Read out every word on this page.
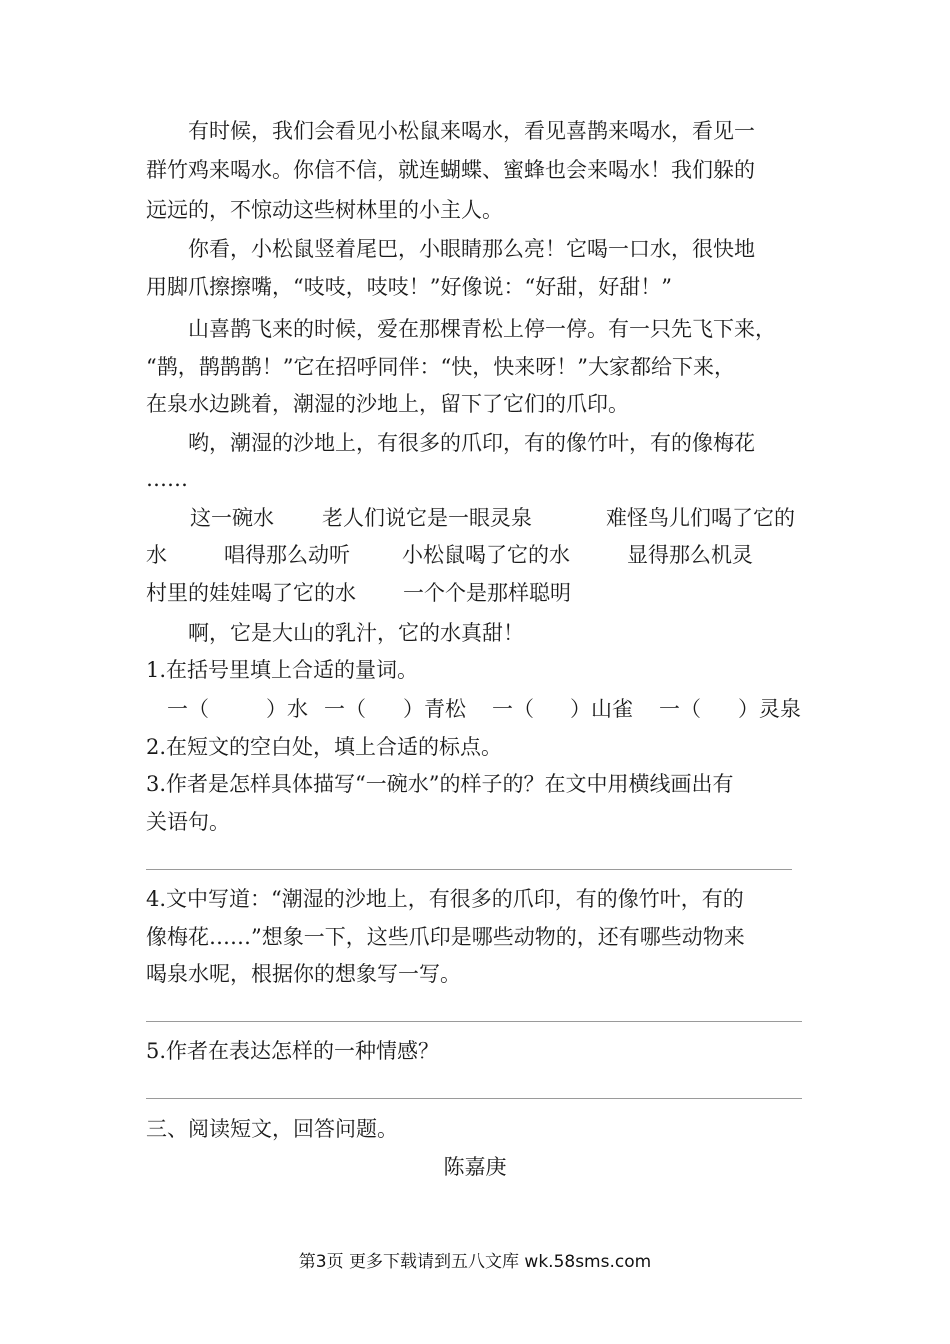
有时候，我们会看见小松鼠来喝水，看见喜鹊来喝水，看见一
群竹鸡来喝水。你信不信，就连蝴蝶、蜜蜂也会来喝水！我们躲的
远远的，不惊动这些树林里的小主人。
你看，小松鼠竖着尾巴，小眼睛那么亮！它喝一口水，很快地
用脚爪擦擦嘴，“吱吱，吱吱！”好像说：“好甜，好甜！”
山喜鹊飞来的时候，爱在那棵青松上停一停。有一只先飞下来，
“鹊，鹊鹊鹊！”它在招呼同伴：“快，快来呀！”大家都给下来，
在泉水边跳着，潮湿的沙地上，留下了它们的爪印。
哟，潮湿的沙地上，有很多的爪印，有的像竹叶，有的像梅花
……
这一碗水 老人们说它是一眼灵泉	难怪鸟儿们喝了它的
水	唱得那么动听 小松鼠喝了它的水	显得那么机灵
村里的娃娃喝了它的水 一个个是那样聪明
啊，它是大山的乳汁，它的水真甜！
1.在括号里填上合适的量词。
一（	）水 一（ ）青松 一（ ）山雀 一（ ）灵泉
2.在短文的空白处，填上合适的标点。
3.作者是怎样具体描写“一碗水”的样子的？在文中用横线画出有
关语句。
4.文中写道：“潮湿的沙地上，有很多的爪印，有的像竹叶，有的
像梅花……”想象一下，这些爪印是哪些动物的，还有哪些动物来
喝泉水呢，根据你的想象写一写。
5.作者在表达怎样的一种情感？
三、阅读短文，回答问题。
陈嘉庚
第3页 更多下载请到五八文库 wk.58sms.com
